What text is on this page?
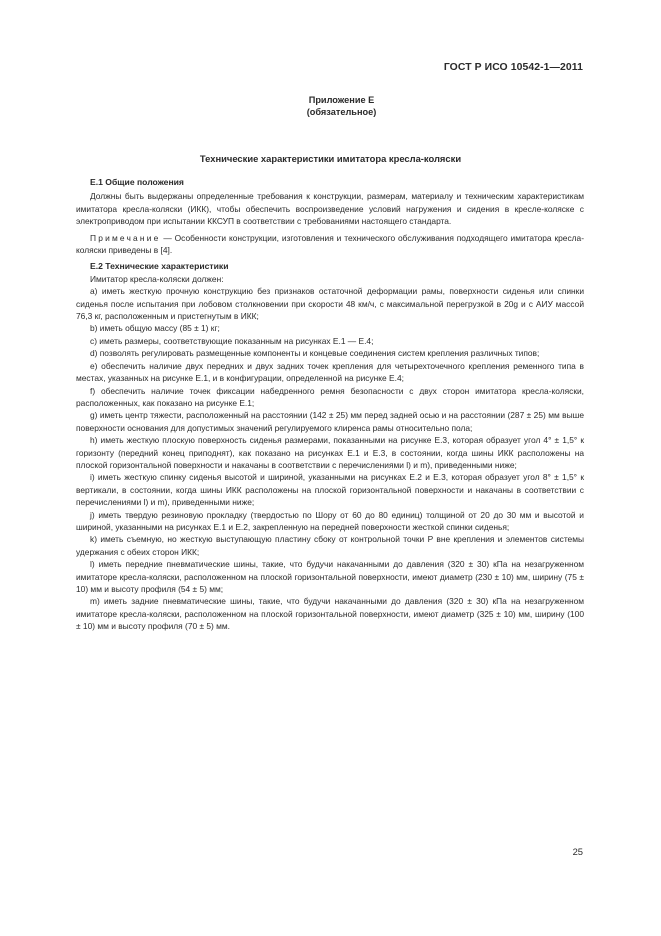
ГОСТ Р ИСО 10542-1—2011
Приложение Е
(обязательное)
Технические характеристики имитатора кресла-коляски
Е.1 Общие положения

Должны быть выдержаны определенные требования к конструкции, размерам, материалу и техническим характеристикам имитатора кресла-коляски (ИКК), чтобы обеспечить воспроизведение условий нагружения и сидения в кресле-коляске с электроприводом при испытании ККСУП в соответствии с требованиями настоящего стандарта.

Примечание — Особенности конструкции, изготовления и технического обслуживания подходящего имитатора кресла-коляски приведены в [4].

Е.2 Технические характеристики

Имитатор кресла-коляски должен:

a) иметь жесткую прочную конструкцию без признаков остаточной деформации рамы, поверхности сиденья или спинки сиденья после испытания при лобовом столкновении при скорости 48 км/ч, с максимальной перегрузкой в 20g и с АИУ массой 76,3 кг, расположенным и пристегнутым в ИКК;

b) иметь общую массу (85 ± 1) кг;

c) иметь размеры, соответствующие показанным на рисунках Е.1 — Е.4;

d) позволять регулировать размещенные компоненты и концевые соединения систем крепления различных типов;

e) обеспечить наличие двух передних и двух задних точек крепления для четырехточечного крепления ременного типа в местах, указанных на рисунке Е.1, и в конфигурации, определенной на рисунке Е.4;

f) обеспечить наличие точек фиксации набедренного ремня безопасности с двух сторон имитатора кресла-коляски, расположенных, как показано на рисунке Е.1;

g) иметь центр тяжести, расположенный на расстоянии (142 ± 25) мм перед задней осью и на расстоянии (287 ± 25) мм выше поверхности основания для допустимых значений регулируемого клиренса рамы относительно пола;

h) иметь жесткую плоскую поверхность сиденья размерами, показанными на рисунке Е.3, которая образует угол 4° ± 1,5° к горизонту (передний конец приподнят), как показано на рисунках Е.1 и Е.3, в состоянии, когда шины ИКК расположены на плоской горизонтальной поверхности и накачаны в соответствии с перечислениями l) и m), приведенными ниже;

i) иметь жесткую спинку сиденья высотой и шириной, указанными на рисунках Е.2 и Е.3, которая образует угол 8° ± 1,5° к вертикали, в состоянии, когда шины ИКК расположены на плоской горизонтальной поверхности и накачаны в соответствии с перечислениями l) и m), приведенными ниже;

j) иметь твердую резиновую прокладку (твердостью по Шору от 60 до 80 единиц) толщиной от 20 до 30 мм и высотой и шириной, указанными на рисунках Е.1 и Е.2, закрепленную на передней поверхности жесткой спинки сиденья;

k) иметь съемную, но жесткую выступающую пластину сбоку от контрольной точки P вне крепления и элементов системы удержания с обеих сторон ИКК;

l) иметь передние пневматические шины, такие, что будучи накачанными до давления (320 ± 30) кПа на незагруженном имитаторе кресла-коляски, расположенном на плоской горизонтальной поверхности, имеют диаметр (230 ± 10) мм, ширину (75 ± 10) мм и высоту профиля (54 ± 5) мм;

m) иметь задние пневматические шины, такие, что будучи накачанными до давления (320 ± 30) кПа на незагруженном имитаторе кресла-коляски, расположенном на плоской горизонтальной поверхности, имеют диаметр (325 ± 10) мм, ширину (100 ± 10) мм и высоту профиля (70 ± 5) мм.

25
